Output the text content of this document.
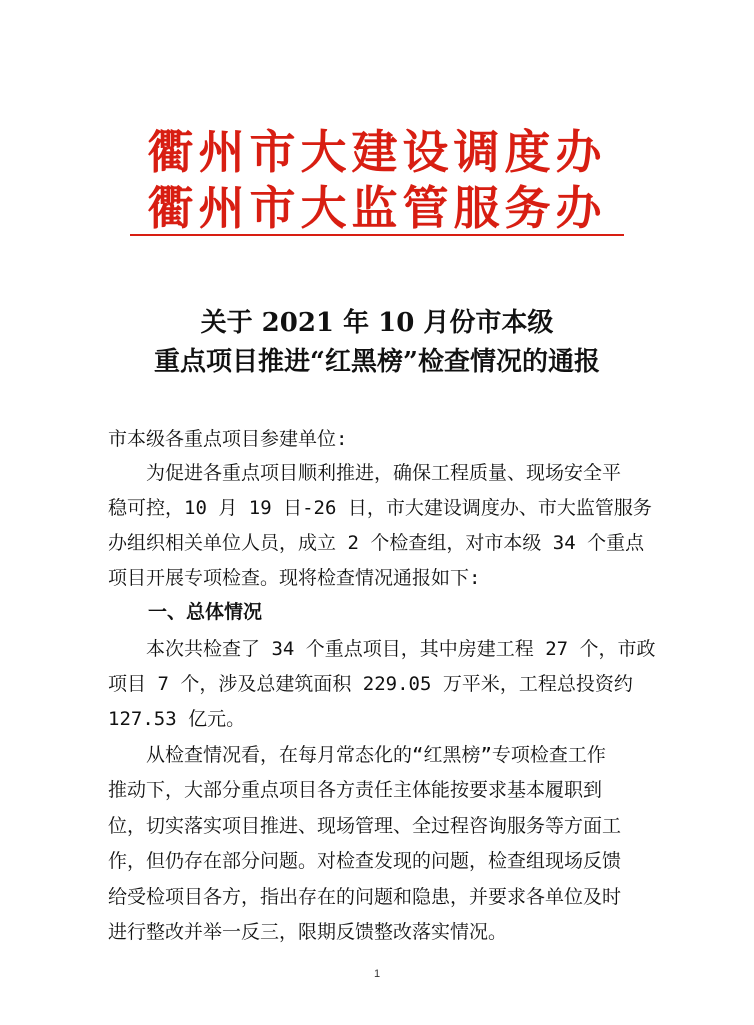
衢州市大建设调度办
衢州市大监管服务办
关于 2021 年 10 月份市本级
重点项目推进“红黑榜”检查情况的通报
市本级各重点项目参建单位:
　　为促进各重点项目顺利推进，确保工程质量、现场安全平
稳可控，10 月 19 日-26 日，市大建设调度办、市大监管服务
办组织相关单位人员，成立 2 个检查组，对市本级 34 个重点
项目开展专项检查。现将检查情况通报如下:
一、总体情况
　　本次共检查了 34 个重点项目，其中房建工程 27 个，市政
项目 7 个，涉及总建筑面积 229.05 万平米，工程总投资约
127.53 亿元。
　　从检查情况看，在每月常态化的“红黑榜”专项检查工作
推动下，大部分重点项目各方责任主体能按要求基本履职到
位，切实落实项目推进、现场管理、全过程咨询服务等方面工
作，但仍存在部分问题。对检查发现的问题，检查组现场反馈
给受检项目各方，指出存在的问题和隐患，并要求各单位及时
进行整改并举一反三，限期反馈整改落实情况。
1
